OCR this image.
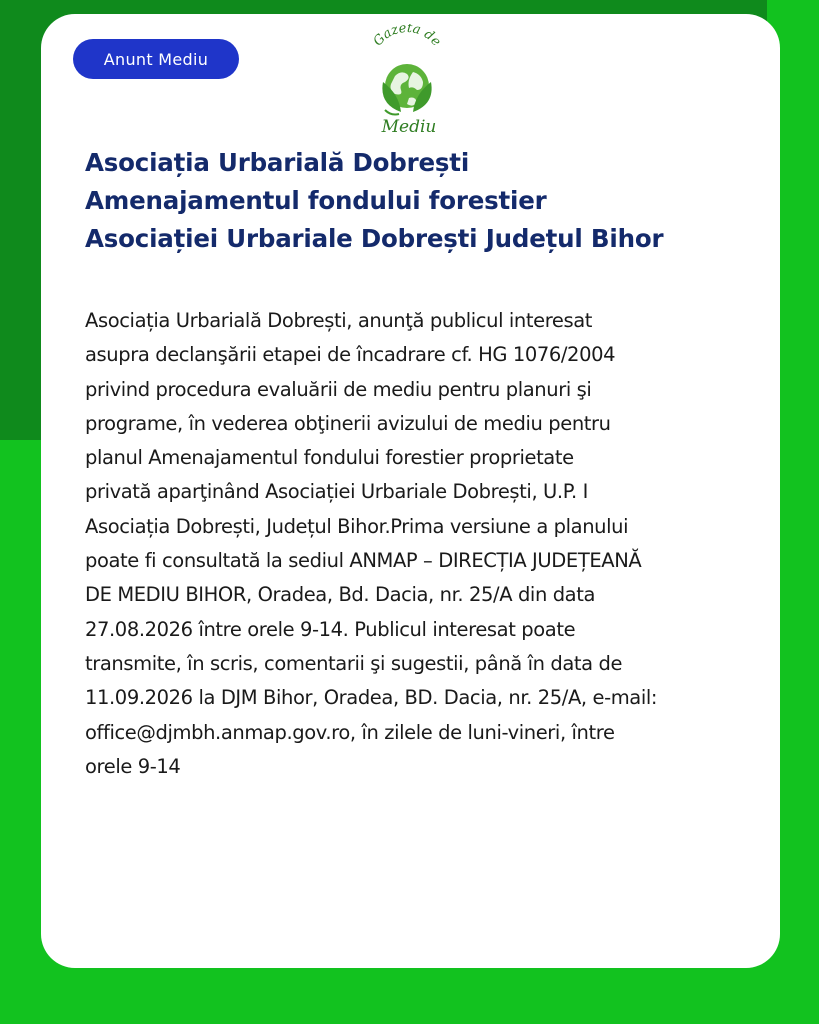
Anunt Mediu
Gazeta de
Mediu
Asociația Urbarială Dobrești
Amenajamentul fondului forestier
Asociației Urbariale Dobrești Județul Bihor
Asociația Urbarială Dobrești, anunţă publicul interesat
asupra declanşării etapei de încadrare cf. HG 1076/2004
privind procedura evaluării de mediu pentru planuri şi
programe, în vederea obţinerii avizului de mediu pentru
planul Amenajamentul fondului forestier proprietate
privată aparţinând Asociației Urbariale Dobrești, U.P. I
Asociația Dobrești, Județul Bihor.Prima versiune a planului
poate fi consultată la sediul ANMAP – DIRECȚIA JUDEȚEANĂ
DE MEDIU BIHOR, Oradea, Bd. Dacia, nr. 25/A din data
27.08.2026 între orele 9-14. Publicul interesat poate
transmite, în scris, comentarii şi sugestii, până în data de
11.09.2026 la DJM Bihor, Oradea, BD. Dacia, nr. 25/A, e-mail:
office@djmbh.anmap.gov.ro, în zilele de luni-vineri, între
orele 9-14
